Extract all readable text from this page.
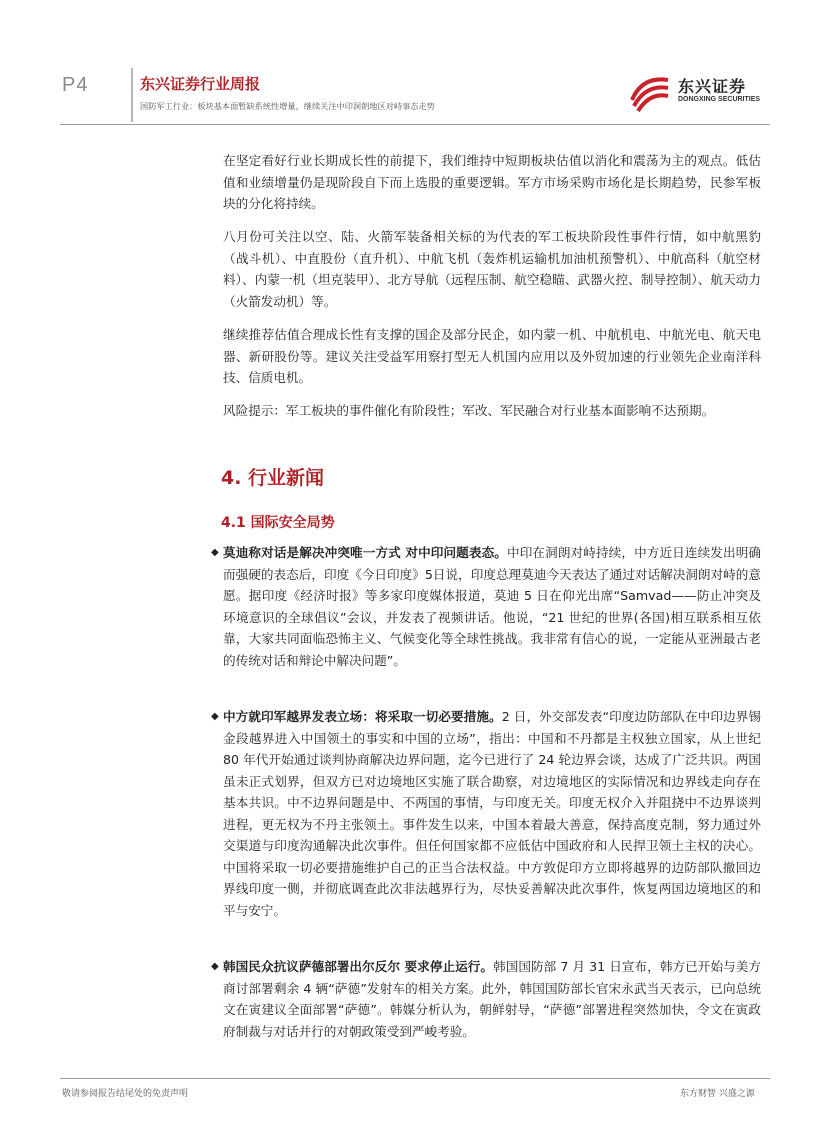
P4	东兴证券行业周报
国防军工行业：板块基本面暂缺系统性增量，继续关注中印洞朗地区对峙事态走势
东兴证券
DONGXING SECURITIES

在坚定看好行业长期成长性的前提下，我们维持中短期板块估值以消化和震荡为主的观点。低估值和业绩增量仍是现阶段自下而上选股的重要逻辑。军方市场采购市场化是长期趋势，民参军板块的分化将持续。

八月份可关注以空、陆、火箭军装备相关标的为代表的军工板块阶段性事件行情，如中航黑豹（战斗机）、中直股份（直升机）、中航飞机（轰炸机运输机加油机预警机）、中航高科（航空材料）、内蒙一机（坦克装甲）、北方导航（远程压制、航空稳瞄、武器火控、制导控制）、航天动力（火箭发动机）等。

继续推荐估值合理成长性有支撑的国企及部分民企，如内蒙一机、中航机电、中航光电、航天电器、新研股份等。建议关注受益军用察打型无人机国内应用以及外贸加速的行业领先企业南洋科技、信质电机。

风险提示：军工板块的事件催化有阶段性；军改、军民融合对行业基本面影响不达预期。

4. 行业新闻
4.1 国际安全局势
◆ 莫迪称对话是解决冲突唯一方式 对中印问题表态。中印在洞朗对峙持续，中方近日连续发出明确而强硬的表态后，印度《今日印度》5日说，印度总理莫迪今天表达了通过对话解决洞朗对峙的意愿。据印度《经济时报》等多家印度媒体报道，莫迪 5 日在仰光出席“Samvad——防止冲突及环境意识的全球倡议”会议，并发表了视频讲话。他说，“21 世纪的世界(各国)相互联系相互依靠，大家共同面临恐怖主义、气候变化等全球性挑战。我非常有信心的说，一定能从亚洲最古老的传统对话和辩论中解决问题”。

◆ 中方就印军越界发表立场：将采取一切必要措施。2 日，外交部发表“印度边防部队在中印边界锡金段越界进入中国领土的事实和中国的立场”，指出：中国和不丹都是主权独立国家，从上世纪 80 年代开始通过谈判协商解决边界问题，迄今已进行了 24 轮边界会谈，达成了广泛共识。两国虽未正式划界，但双方已对边境地区实施了联合勘察，对边境地区的实际情况和边界线走向存在基本共识。中不边界问题是中、不两国的事情，与印度无关。印度无权介入并阻挠中不边界谈判进程，更无权为不丹主张领土。事件发生以来，中国本着最大善意，保持高度克制，努力通过外交渠道与印度沟通解决此次事件。但任何国家都不应低估中国政府和人民捍卫领土主权的决心。中国将采取一切必要措施维护自己的正当合法权益。中方敦促印方立即将越界的边防部队撤回边界线印度一侧，并彻底调查此次非法越界行为，尽快妥善解决此次事件，恢复两国边境地区的和平与安宁。

◆ 韩国民众抗议萨德部署出尔反尔 要求停止运行。韩国国防部 7 月 31 日宣布，韩方已开始与美方商讨部署剩余 4 辆“萨德”发射车的相关方案。此外，韩国国防部长官宋永武当天表示，已向总统文在寅建议全面部署“萨德”。韩媒分析认为，朝鲜射导，“萨德”部署进程突然加快，令文在寅政府制裁与对话并行的对朝政策受到严峻考验。

敬请参阅报告结尾处的免责声明	东方财智 兴盛之源
